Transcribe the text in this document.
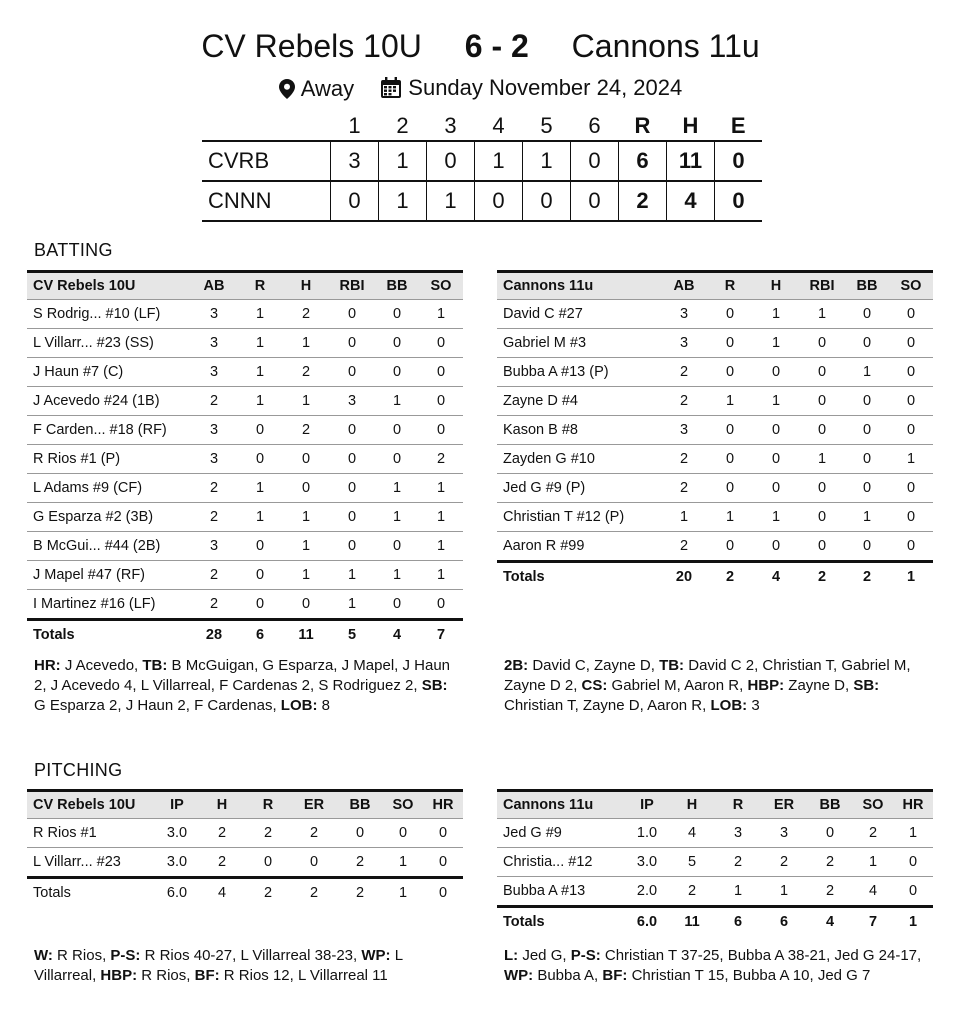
CV Rebels 10U 6 - 2 Cannons 11u
Away
Sunday November 24, 2024
	1	2	3	4	5	6	R	H	E
CVRB	3	1	0	1	1	0	6	11	0
CNNN	0	1	1	0	0	0	2	4	0
BATTING
CV Rebels 10U	AB	R	H	RBI	BB	SO
S Rodrig... #10 (LF)	3	1	2	0	0	1
L Villarr... #23 (SS)	3	1	1	0	0	0
J Haun #7 (C)	3	1	2	0	0	0
J Acevedo #24 (1B)	2	1	1	3	1	0
F Carden... #18 (RF)	3	0	2	0	0	0
R Rios #1 (P)	3	0	0	0	0	2
L Adams #9 (CF)	2	1	0	0	1	1
G Esparza #2 (3B)	2	1	1	0	1	1
B McGui... #44 (2B)	3	0	1	0	0	1
J Mapel #47 (RF)	2	0	1	1	1	1
I Martinez #16 (LF)	2	0	0	1	0	0
Totals	28	6	11	5	4	7
Cannons 11u	AB	R	H	RBI	BB	SO
David C #27	3	0	1	1	0	0
Gabriel M #3	3	0	1	0	0	0
Bubba A #13 (P)	2	0	0	0	1	0
Zayne D #4	2	1	1	0	0	0
Kason B #8	3	0	0	0	0	0
Zayden G #10	2	0	0	1	0	1
Jed G #9 (P)	2	0	0	0	0	0
Christian T #12 (P)	1	1	1	0	1	0
Aaron R #99	2	0	0	0	0	0
Totals	20	2	4	2	2	1
HR: J Acevedo, TB: B McGuigan, G Esparza, J Mapel, J Haun 2, J Acevedo 4, L Villarreal, F Cardenas 2, S Rodriguez 2, SB: G Esparza 2, J Haun 2, F Cardenas, LOB: 8
2B: David C, Zayne D, TB: David C 2, Christian T, Gabriel M, Zayne D 2, CS: Gabriel M, Aaron R, HBP: Zayne D, SB: Christian T, Zayne D, Aaron R, LOB: 3
PITCHING
CV Rebels 10U	IP	H	R	ER	BB	SO	HR
R Rios #1	3.0	2	2	2	0	0	0
L Villarr... #23	3.0	2	0	0	2	1	0
Totals	6.0	4	2	2	2	1	0
Cannons 11u	IP	H	R	ER	BB	SO	HR
Jed G #9	1.0	4	3	3	0	2	1
Christia... #12	3.0	5	2	2	2	1	0
Bubba A #13	2.0	2	1	1	2	4	0
Totals	6.0	11	6	6	4	7	1
W: R Rios, P-S: R Rios 40-27, L Villarreal 38-23, WP: L Villarreal, HBP: R Rios, BF: R Rios 12, L Villarreal 11
L: Jed G, P-S: Christian T 37-25, Bubba A 38-21, Jed G 24-17, WP: Bubba A, BF: Christian T 15, Bubba A 10, Jed G 7
